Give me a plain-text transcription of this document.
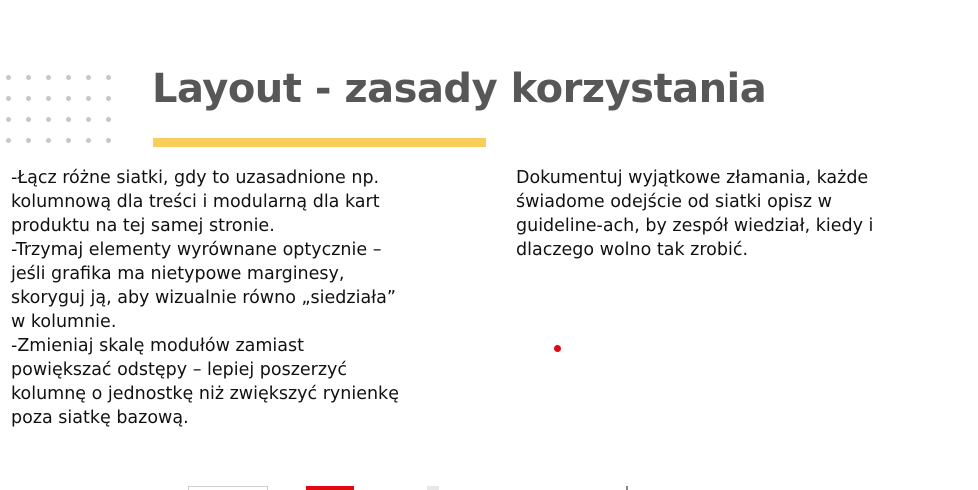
Layout - zasady korzystania

-Łącz różne siatki, gdy to uzasadnione np.
kolumnową dla treści i modularną dla kart
produktu na tej samej stronie.
-Trzymaj elementy wyrównane optycznie –
jeśli grafika ma nietypowe marginesy,
skoryguj ją, aby wizualnie równo „siedziała”
w kolumnie.
-Zmieniaj skalę modułów zamiast
powiększać odstępy – lepiej poszerzyć
kolumnę o jednostkę niż zwiększyć rynienkę
poza siatkę bazową.

Dokumentuj wyjątkowe złamania, każde
świadome odejście od siatki opisz w
guideline-ach, by zespół wiedział, kiedy i
dlaczego wolno tak zrobić.
